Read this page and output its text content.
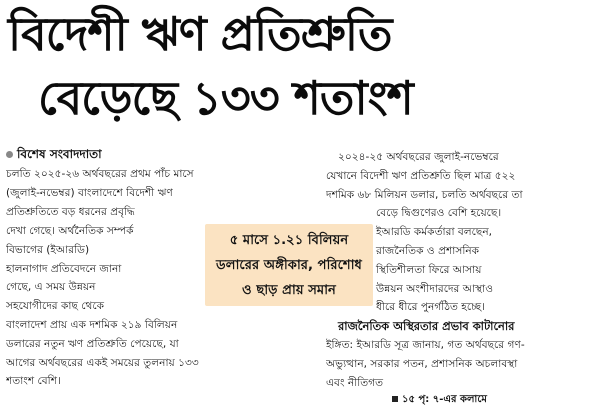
বিদেশী ঋণ প্রতিশ্রুতি
বেড়েছে ১৩৩ শতাংশ
বিশেষ সংবাদদাতা
চলতি ২০২৫-২৬ অর্থবছরের প্রথম পাঁচ মাসে
(জুলাই-নভেম্বর) বাংলাদেশে বিদেশী ঋণ
প্রতিশ্রুতিতে বড় ধরনের প্রবৃদ্ধি
দেখা গেছে। অর্থনৈতিক সম্পর্ক
বিভাগের (ইআরডি)
হালনাগাদ প্রতিবেদনে জানা
গেছে, এ সময় উন্নয়ন
সহযোগীদের কাছ থেকে
বাংলাদেশ প্রায় এক দশমিক ২১৯ বিলিয়ন
ডলারের নতুন ঋণ প্রতিশ্রুতি পেয়েছে, যা
আগের অর্থবছরের একই সময়ের তুলনায় ১৩৩
শতাংশ বেশি।
৫ মাসে ১.২১ বিলিয়ন
ডলারের অঙ্গীকার, পরিশোধ
ও ছাড় প্রায় সমান
২০২৪-২৫ অর্থবছরের জুলাই-নভেম্বরে
যেখানে বিদেশী ঋণ প্রতিশ্রুতি ছিল মাত্র ৫২২
দশমিক ৬৮ মিলিয়ন ডলার, চলতি অর্থবছরে তা
বেড়ে দ্বিগুণেরও বেশি হয়েছে।
ইআরডি কর্মকর্তারা বলছেন,
রাজনৈতিক ও প্রশাসনিক
স্থিতিশীলতা ফিরে আসায়
উন্নয়ন অংশীদারদের আস্থাও
ধীরে ধীরে পুনর্গঠিত হচ্ছে।
রাজনৈতিক অস্থিরতার প্রভাব কাটানোর
ইঙ্গিত: ইআরডি সূত্র জানায়, গত অর্থবছরে গণ-
অভ্যুত্থান, সরকার পতন, প্রশাসনিক অচলাবস্থা
এবং নীতিগত
১৫ পৃ: ৭-এর কলামে
